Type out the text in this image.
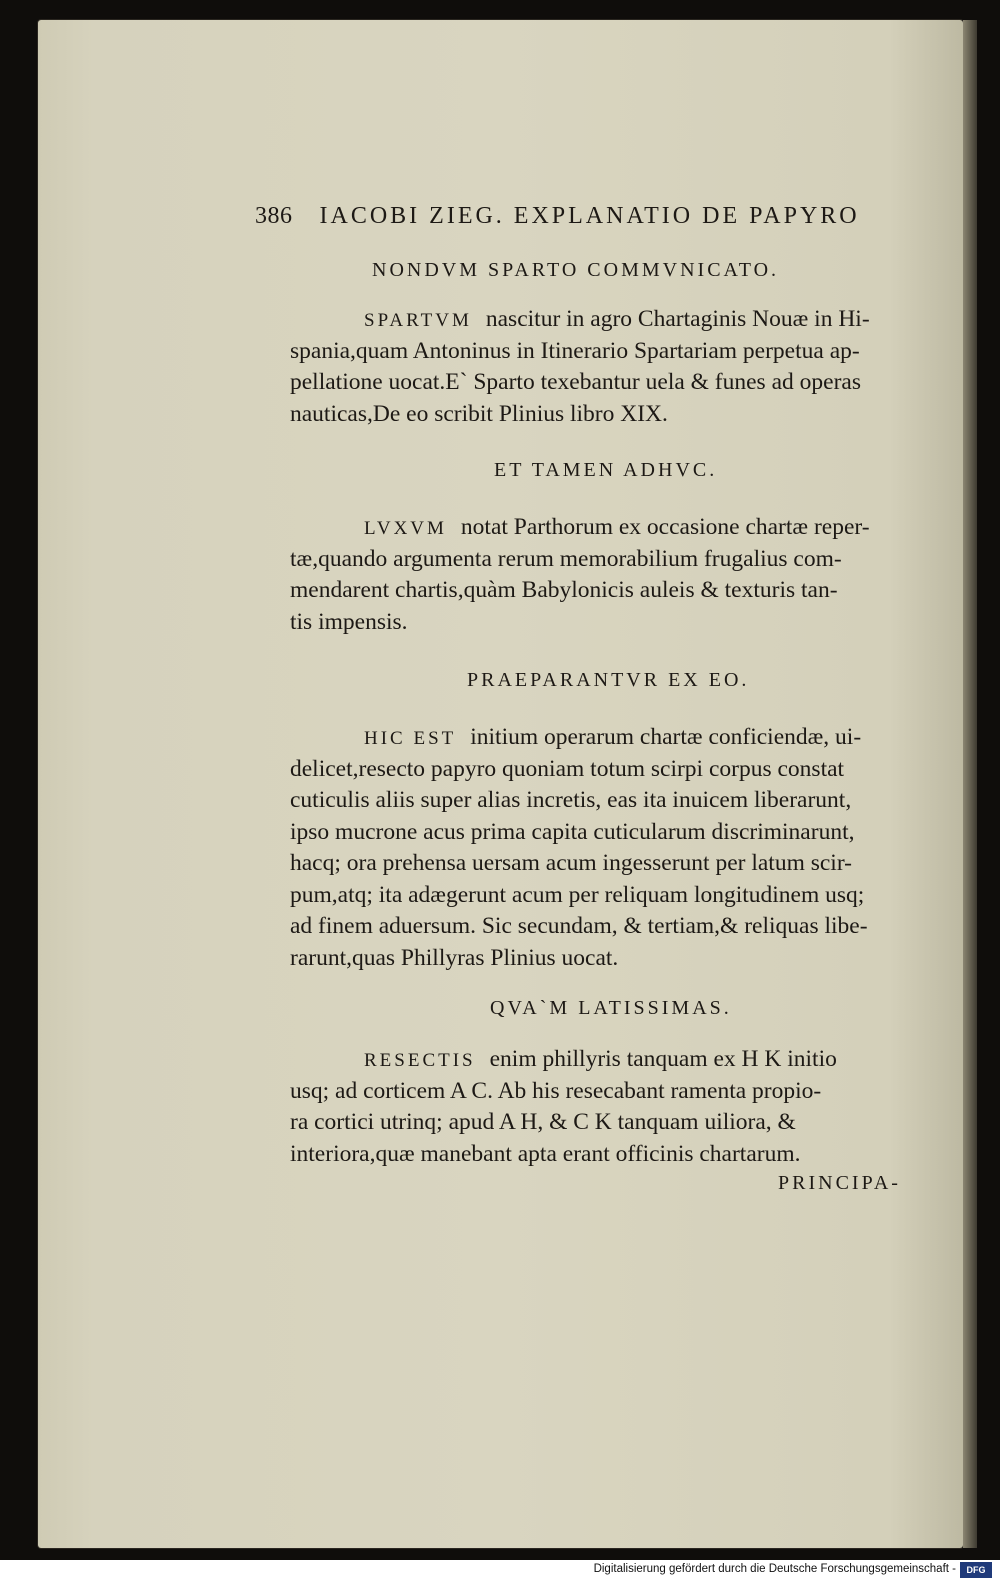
386 IACOBI ZIEG. EXPLANATIO DE PAPYRO
NONDVM SPARTO COMMVNICATO.
SPARTVM nascitur in agro Chartaginis Nouæ in Hi-
spania,quam Antoninus in Itinerario Spartariam perpetua ap-
pellatione uocat.E` Sparto texebantur uela & funes ad operas
nauticas,De eo scribit Plinius libro XIX.
ET TAMEN ADHVC.
LVXVM notat Parthorum ex occasione chartæ reper-
tæ,quando argumenta rerum memorabilium frugalius com-
mendarent chartis,quàm Babylonicis auleis & texturis tan-
tis impensis.
PRAEPARANTVR EX EO.
HIC EST initium operarum chartæ conficiendæ, ui-
delicet,resecto papyro quoniam totum scirpi corpus constat
cuticulis aliis super alias incretis, eas ita inuicem liberarunt,
ipso mucrone acus prima capita cuticularum discriminarunt,
hacq; ora prehensa uersam acum ingesserunt per latum scir-
pum,atq; ita adægerunt acum per reliquam longitudinem usq;
ad finem aduersum. Sic secundam, & tertiam,& reliquas libe-
rarunt,quas Phillyras Plinius uocat.
QVA`M LATISSIMAS.
RESECTIS enim phillyris tanquam ex H K initio
usq; ad corticem A C. Ab his resecabant ramenta propio-
ra cortici utrinq; apud A H, & C K tanquam uiliora, &
interiora,quæ manebant apta erant officinis chartarum.
PRINCIPA-
Digitalisierung gefördert durch die Deutsche Forschungsgemeinschaft -	DFG
